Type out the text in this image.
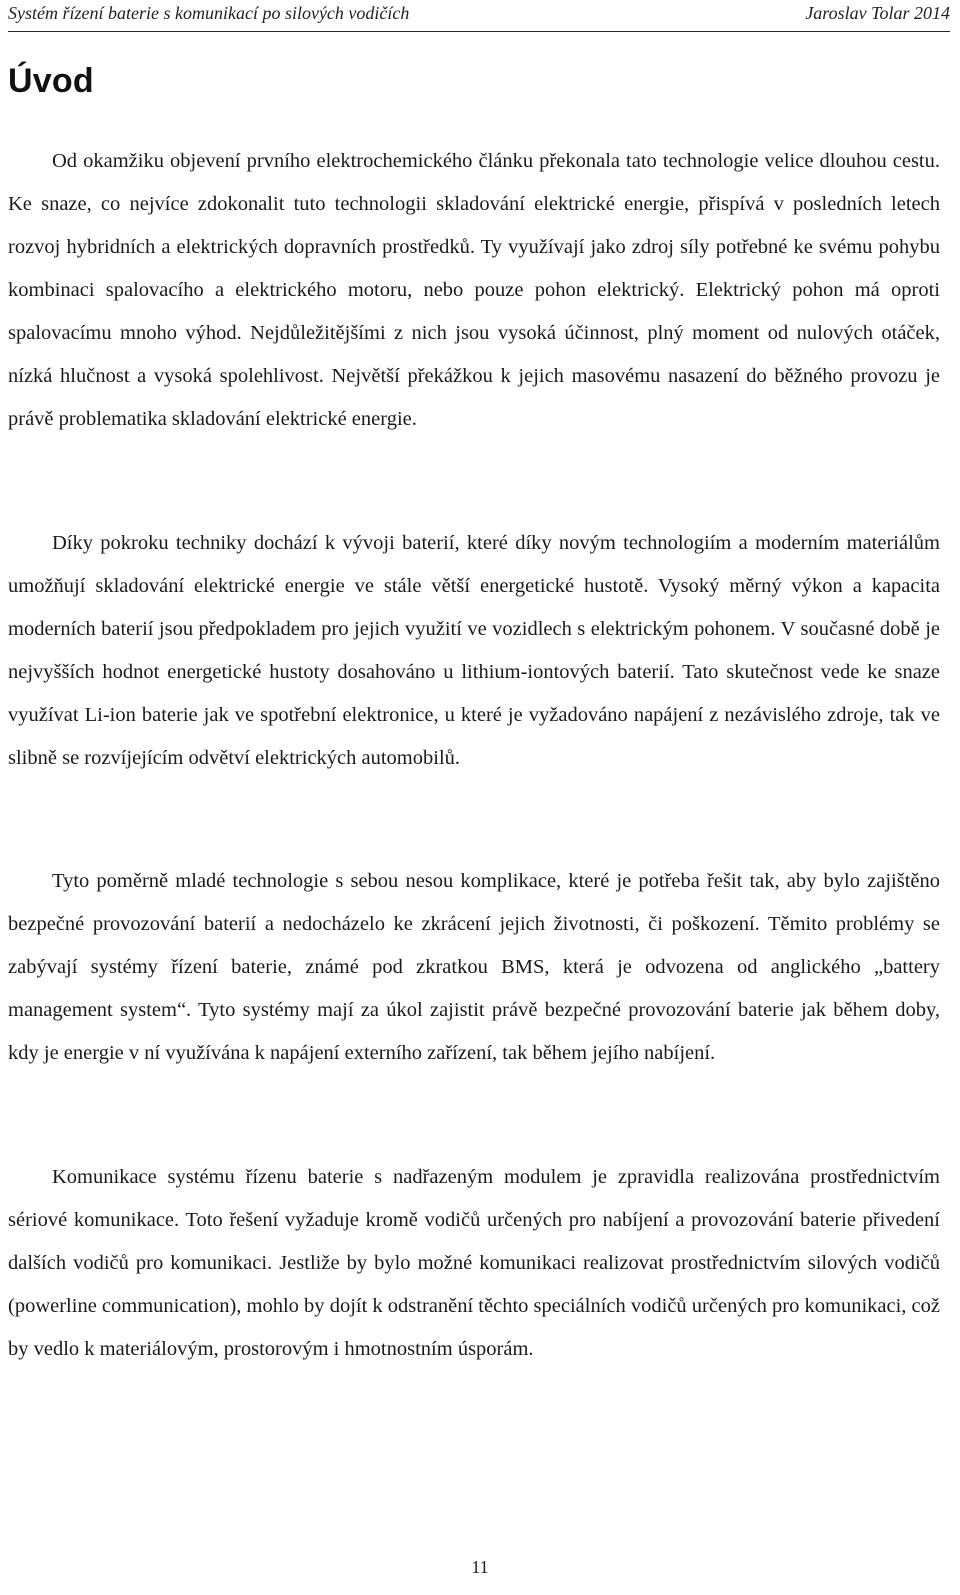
Systém řízení baterie s komunikací po silových vodičích	Jaroslav Tolar 2014
Úvod

Od okamžiku objevení prvního elektrochemického článku překonala tato technologie velice dlouhou cestu. Ke snaze, co nejvíce zdokonalit tuto technologii skladování elektrické energie, přispívá v posledních letech rozvoj hybridních a elektrických dopravních prostředků. Ty využívají jako zdroj síly potřebné ke svému pohybu kombinaci spalovacího a elektrického motoru, nebo pouze pohon elektrický. Elektrický pohon má oproti spalovacímu mnoho výhod. Nejdůležitějšími z nich jsou vysoká účinnost, plný moment od nulových otáček, nízká hlučnost a vysoká spolehlivost. Největší překážkou k jejich masovému nasazení do běžného provozu je právě problematika skladování elektrické energie.

Díky pokroku techniky dochází k vývoji baterií, které díky novým technologiím a moderním materiálům umožňují skladování elektrické energie ve stále větší energetické hustotě. Vysoký měrný výkon a kapacita moderních baterií jsou předpokladem pro jejich využití ve vozidlech s elektrickým pohonem. V současné době je nejvyšších hodnot energetické hustoty dosahováno u lithium-iontových baterií. Tato skutečnost vede ke snaze využívat Li-ion baterie jak ve spotřební elektronice, u které je vyžadováno napájení z nezávislého zdroje, tak ve slibně se rozvíjejícím odvětví elektrických automobilů.

Tyto poměrně mladé technologie s sebou nesou komplikace, které je potřeba řešit tak, aby bylo zajištěno bezpečné provozování baterií a nedocházelo ke zkrácení jejich životnosti, či poškození. Těmito problémy se zabývají systémy řízení baterie, známé pod zkratkou BMS, která je odvozena od anglického „battery management system“. Tyto systémy mají za úkol zajistit právě bezpečné provozování baterie jak během doby, kdy je energie v ní využívána k napájení externího zařízení, tak během jejího nabíjení.

Komunikace systému řízenu baterie s nadřazeným modulem je zpravidla realizována prostřednictvím sériové komunikace. Toto řešení vyžaduje kromě vodičů určených pro nabíjení a provozování baterie přivedení dalších vodičů pro komunikaci. Jestliže by bylo možné komunikaci realizovat prostřednictvím silových vodičů (powerline communication), mohlo by dojít k odstranění těchto speciálních vodičů určených pro komunikaci, což by vedlo k materiálovým, prostorovým i hmotnostním úsporám.

11
